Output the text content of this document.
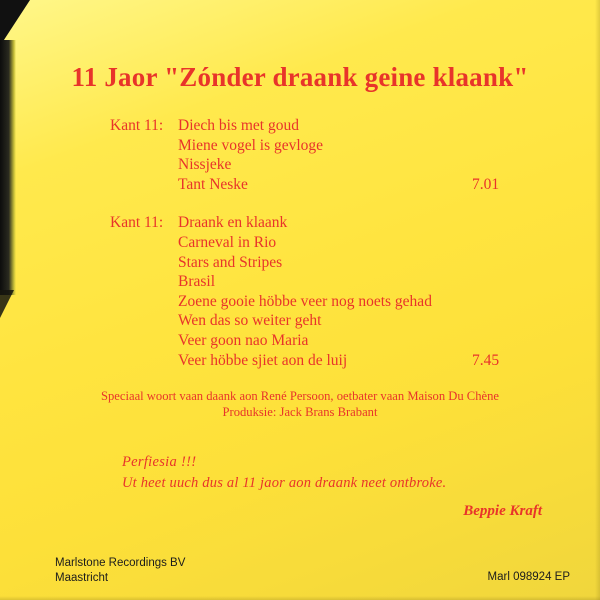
11 Jaor "Zónder draank geine klaank"
Kant 11: Diech bis met goud
Miene vogel is gevloge
Nissjeke
Tant Neske	7.01
Kant 11: Draank en klaank
Carneval in Rio
Stars and Stripes
Brasil
Zoene gooie höbbe veer nog noets gehad
Wen das so weiter geht
Veer goon nao Maria
Veer höbbe sjiet aon de luij	7.45
Speciaal woort vaan daank aon René Persoon, oetbater vaan Maison Du Chène
Produksie: Jack Brans Brabant
Perfiesia !!!
Ut heet uuch dus al 11 jaor aon draank neet ontbroke.
Beppie Kraft
Marlstone Recordings BV
Maastricht	Marl 098924 EP
